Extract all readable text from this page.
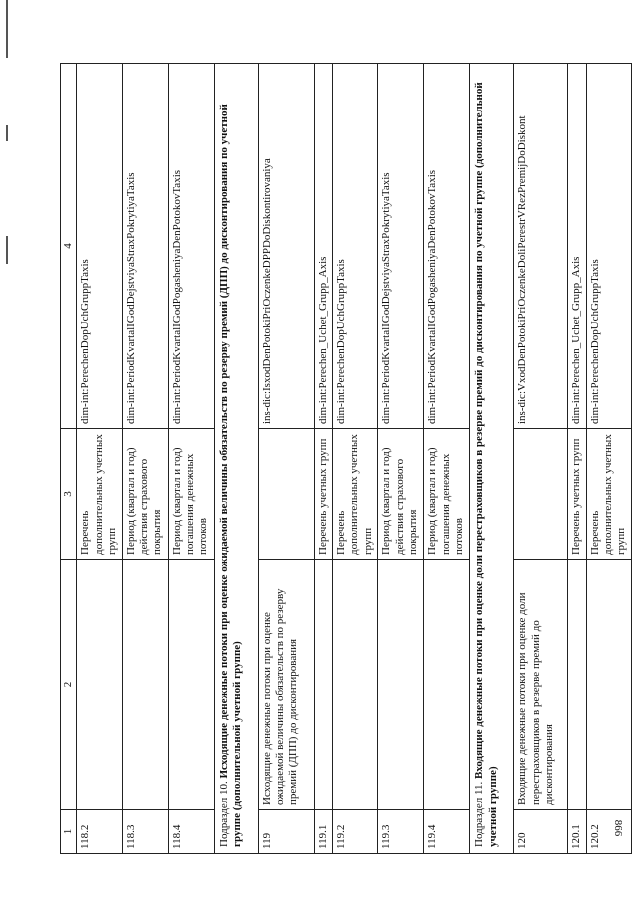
866
1	2	3	4
118.2		Перечень дополнительных учетных групп	dim-int:PerechenDopUchGruppTaxis
118.3		Период (квартал и год) действия страхового покрытия	dim-int:PeriodKvartalIGodDejstviyaStraxPokrytiyaTaxis
118.4		Период (квартал и год) погашения денежных потоков	dim-int:PeriodKvartalIGodPogasheniyaDenPotokovTaxis
Подраздел 10. Исходящие денежные потоки при оценке ожидаемой величины обязательств по резерву премий (ДПП) до дисконтирования по учетной группе (дополнительной учетной группе)			
119	Исходящие денежные потоки при оценке ожидаемой величины обязательств по резерву премий (ДПП) до дисконтирования		ins-dic:IsxodDenPotokiPriOczenkeDPPDoDiskontirovaniya
119.1		Перечень учетных групп	dim-int:Perechen_Uchet_Grupp_Axis
119.2		Перечень дополнительных учетных групп	dim-int:PerechenDopUchGruppTaxis
119.3		Период (квартал и год) действия страхового покрытия	dim-int:PeriodKvartalIGodDejstviyaStraxPokrytiyaTaxis
119.4		Период (квартал и год) погашения денежных потоков	dim-int:PeriodKvartalIGodPogasheniyaDenPotokovTaxis
Подраздел 11. Входящие денежные потоки при оценке доли перестраховщиков в резерве премий до дисконтирования по учетной группе (дополнительной учетной группе)			
120	Входящие денежные потоки при оценке доли перестраховщиков в резерве премий до дисконтирования		ins-dic:VxodDenPotokiPriOczenkeDoliPerestrVRezPremijDoDiskont
120.1		Перечень учетных групп	dim-int:Perechen_Uchet_Grupp_Axis
120.2		Перечень дополнительных учетных групп	dim-int:PerechenDopUchGruppTaxis
